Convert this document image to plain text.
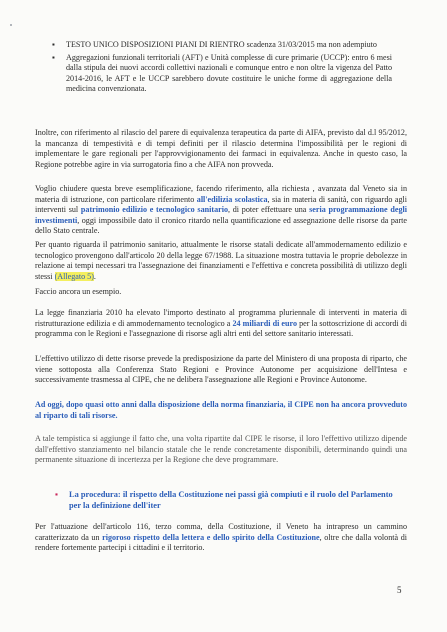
▪ TESTO UNICO DISPOSIZIONI PIANI DI RIENTRO scadenza 31/03/2015 ma non adempiuto
▪ Aggregazioni funzionali territoriali (AFT) e Unità complesse di cure primarie (UCCP): entro 6 mesi dalla stipula dei nuovi accordi collettivi nazionali e comunque entro e non oltre la vigenza del Patto 2014-2016, le AFT e le UCCP sarebbero dovute costituire le uniche forme di aggregazione della medicina convenzionata.

Inoltre, con riferimento al rilascio del parere di equivalenza terapeutica da parte di AIFA, previsto dal d.l 95/2012, la mancanza di tempestività e di tempi definiti per il rilascio determina l'impossibilità per le regioni di implementare le gare regionali per l'approvvigionamento dei farmaci in equivalenza. Anche in questo caso, la Regione potrebbe agire in via surrogatoria fino a che AIFA non provveda.

Voglio chiudere questa breve esemplificazione, facendo riferimento, alla richiesta , avanzata dal Veneto sia in materia di istruzione, con particolare riferimento all'edilizia scolastica, sia in materia di sanità, con riguardo agli interventi sul patrimonio edilizio e tecnologico sanitario, di poter effettuare una seria programmazione degli investimenti, oggi impossibile dato il cronico ritardo nella quantificazione ed assegnazione delle risorse da parte dello Stato centrale.

Per quanto riguarda il patrimonio sanitario, attualmente le risorse statali dedicate all'ammodernamento edilizio e tecnologico provengono dall'articolo 20 della legge 67/1988. La situazione mostra tuttavia le proprie debolezze in relazione ai tempi necessari tra l'assegnazione dei finanziamenti e l'effettiva e concreta possibilità di utilizzo degli stessi (Allegato 5).

Faccio ancora un esempio.

La legge finanziaria 2010 ha elevato l'importo destinato al programma pluriennale di interventi in materia di ristrutturazione edilizia e di ammodernamento tecnologico a 24 miliardi di euro per la sottoscrizione di accordi di programma con le Regioni e l'assegnazione di risorse agli altri enti del settore sanitario interessati.

L'effettivo utilizzo di dette risorse prevede la predisposizione da parte del Ministero di una proposta di riparto, che viene sottoposta alla Conferenza Stato Regioni e Province Autonome per acquisizione dell'Intesa e successivamente trasmessa al CIPE, che ne delibera l'assegnazione alle Regioni e Province Autonome.

Ad oggi, dopo quasi otto anni dalla disposizione della norma finanziaria, il CIPE non ha ancora provveduto al riparto di tali risorse.

A tale tempistica si aggiunge il fatto che, una volta ripartite dal CIPE le risorse, il loro l'effettivo utilizzo dipende dall'effettivo stanziamento nel bilancio statale che le rende concretamente disponibili, determinando quindi una permanente situazione di incertezza per la Regione che deve programmare.

▪ La procedura: il rispetto della Costituzione nei passi già compiuti e il ruolo del Parlamento per la definizione dell'iter

Per l'attuazione dell'articolo 116, terzo comma, della Costituzione, il Veneto ha intrapreso un cammino caratterizzato da un rigoroso rispetto della lettera e dello spirito della Costituzione, oltre che dalla volontà di rendere fortemente partecipi i cittadini e il territorio.

5
